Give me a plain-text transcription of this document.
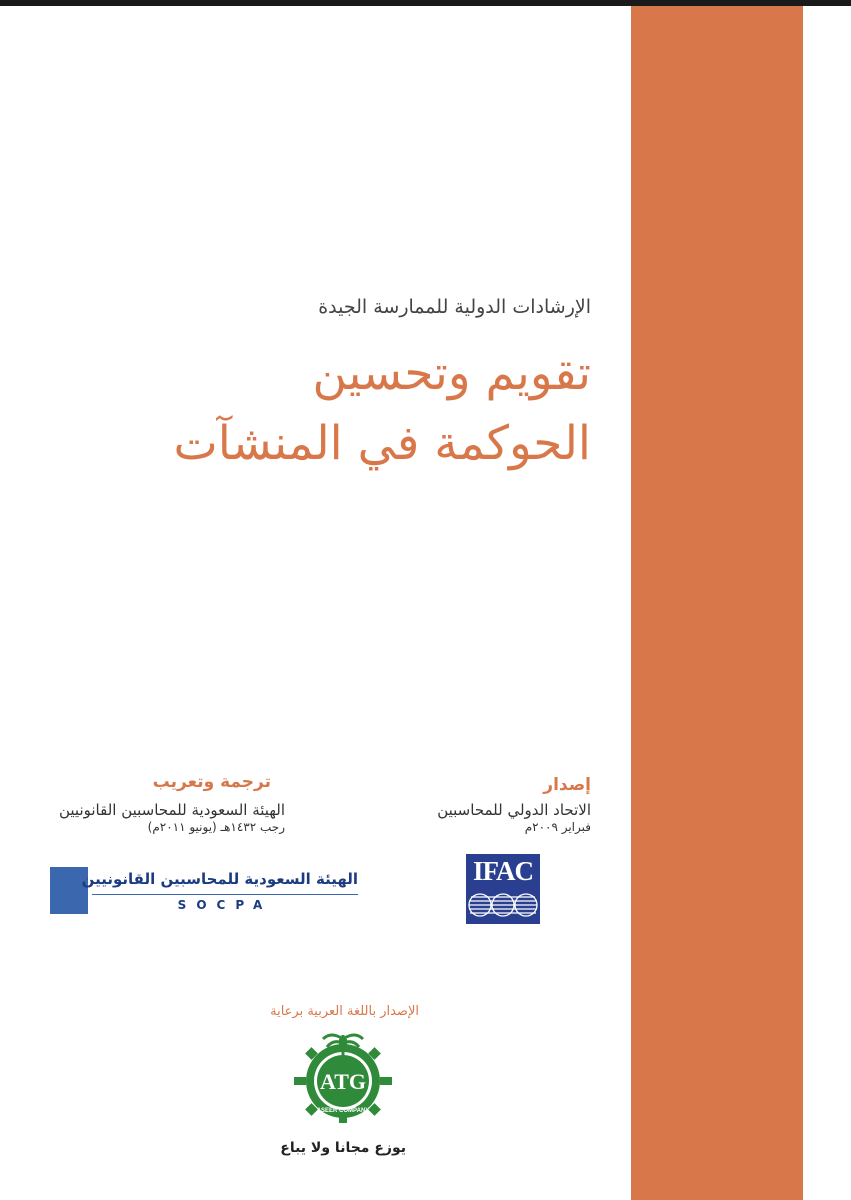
الإرشادات الدولية للممارسة الجيدة
تقويم وتحسين
الحوكمة في المنشآت
إصدار
الاتحاد الدولي للمحاسبين
فبراير ٢٠٠٩م
ترجمة وتعريب
الهيئة السعودية للمحاسبين القانونيين
رجب ١٤٣٢هـ (يونيو ٢٠١١م)
IFAC
الهيئة السعودية للمحاسبين القانونيين
SOCPA
الإصدار باللغة العربية برعاية
ATG
ASEER COMPANY
يوزع مجانا ولا يباع
